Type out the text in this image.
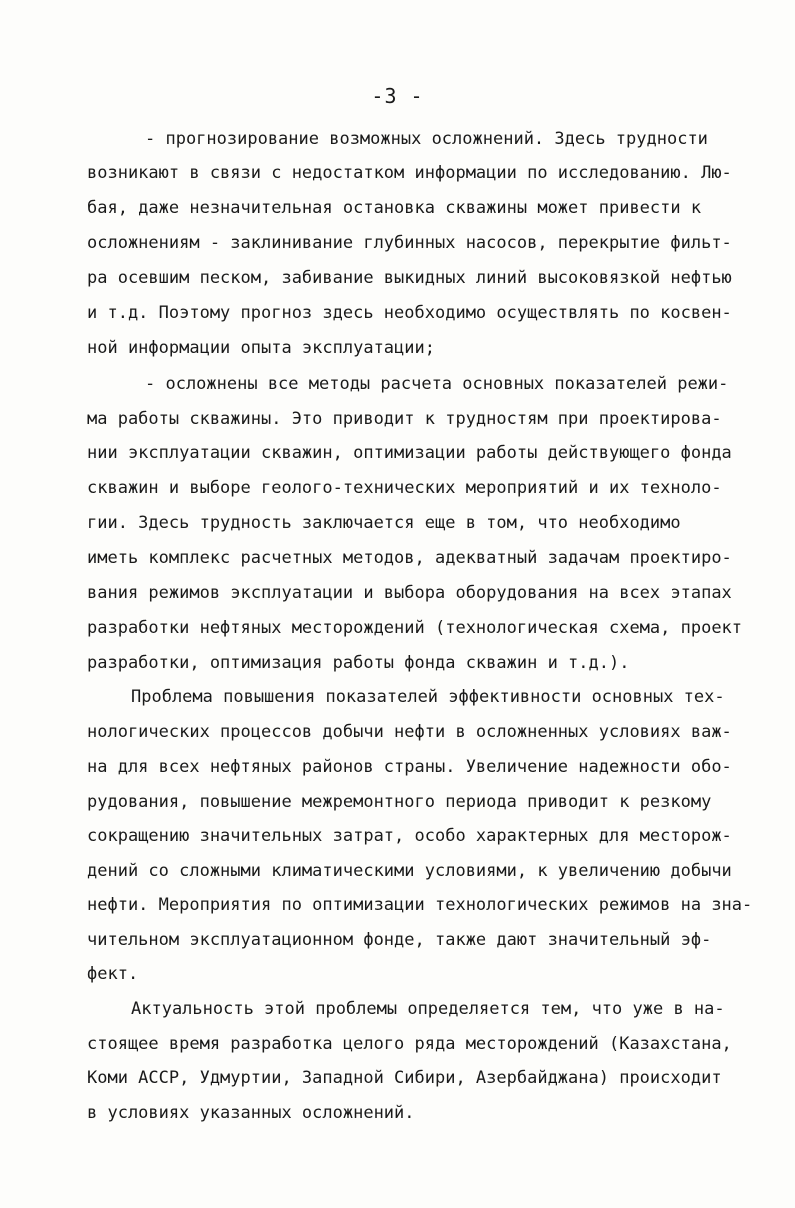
-3 -
- прогнозирование возможных осложнений. Здесь трудности
возникают в связи с недостатком информации по исследованию. Лю-
бая, даже незначительная остановка скважины может привести к
осложнениям - заклинивание глубинных насосов, перекрытие фильт-
ра осевшим песком, забивание выкидных линий высоковязкой нефтью
и т.д. Поэтому прогноз здесь необходимо осуществлять по косвен-
ной информации опыта эксплуатации;
- осложнены все методы расчета основных показателей режи-
ма работы скважины. Это приводит к трудностям при проектирова-
нии эксплуатации скважин, оптимизации работы действующего фонда
скважин и выборе геолого-технических мероприятий и их техноло-
гии. Здесь трудность заключается еще в том, что необходимо
иметь комплекс расчетных методов, адекватный задачам проектиро-
вания режимов эксплуатации и выбора оборудования на всех этапах
разработки нефтяных месторождений (технологическая схема, проект
разработки, оптимизация работы фонда скважин и т.д.).
Проблема повышения показателей эффективности основных тех-
нологических процессов добычи нефти в осложненных условиях важ-
на для всех нефтяных районов страны. Увеличение надежности обо-
рудования, повышение межремонтного периода приводит к резкому
сокращению значительных затрат, особо характерных для месторож-
дений со сложными климатическими условиями, к увеличению добычи
нефти. Мероприятия по оптимизации технологических режимов на зна-
чительном эксплуатационном фонде, также дают значительный эф-
фект.
Актуальность этой проблемы определяется тем, что уже в на-
стоящее время разработка целого ряда месторождений (Казахстана,
Коми АССР, Удмуртии, Западной Сибири, Азербайджана) происходит
в условиях указанных осложнений.
